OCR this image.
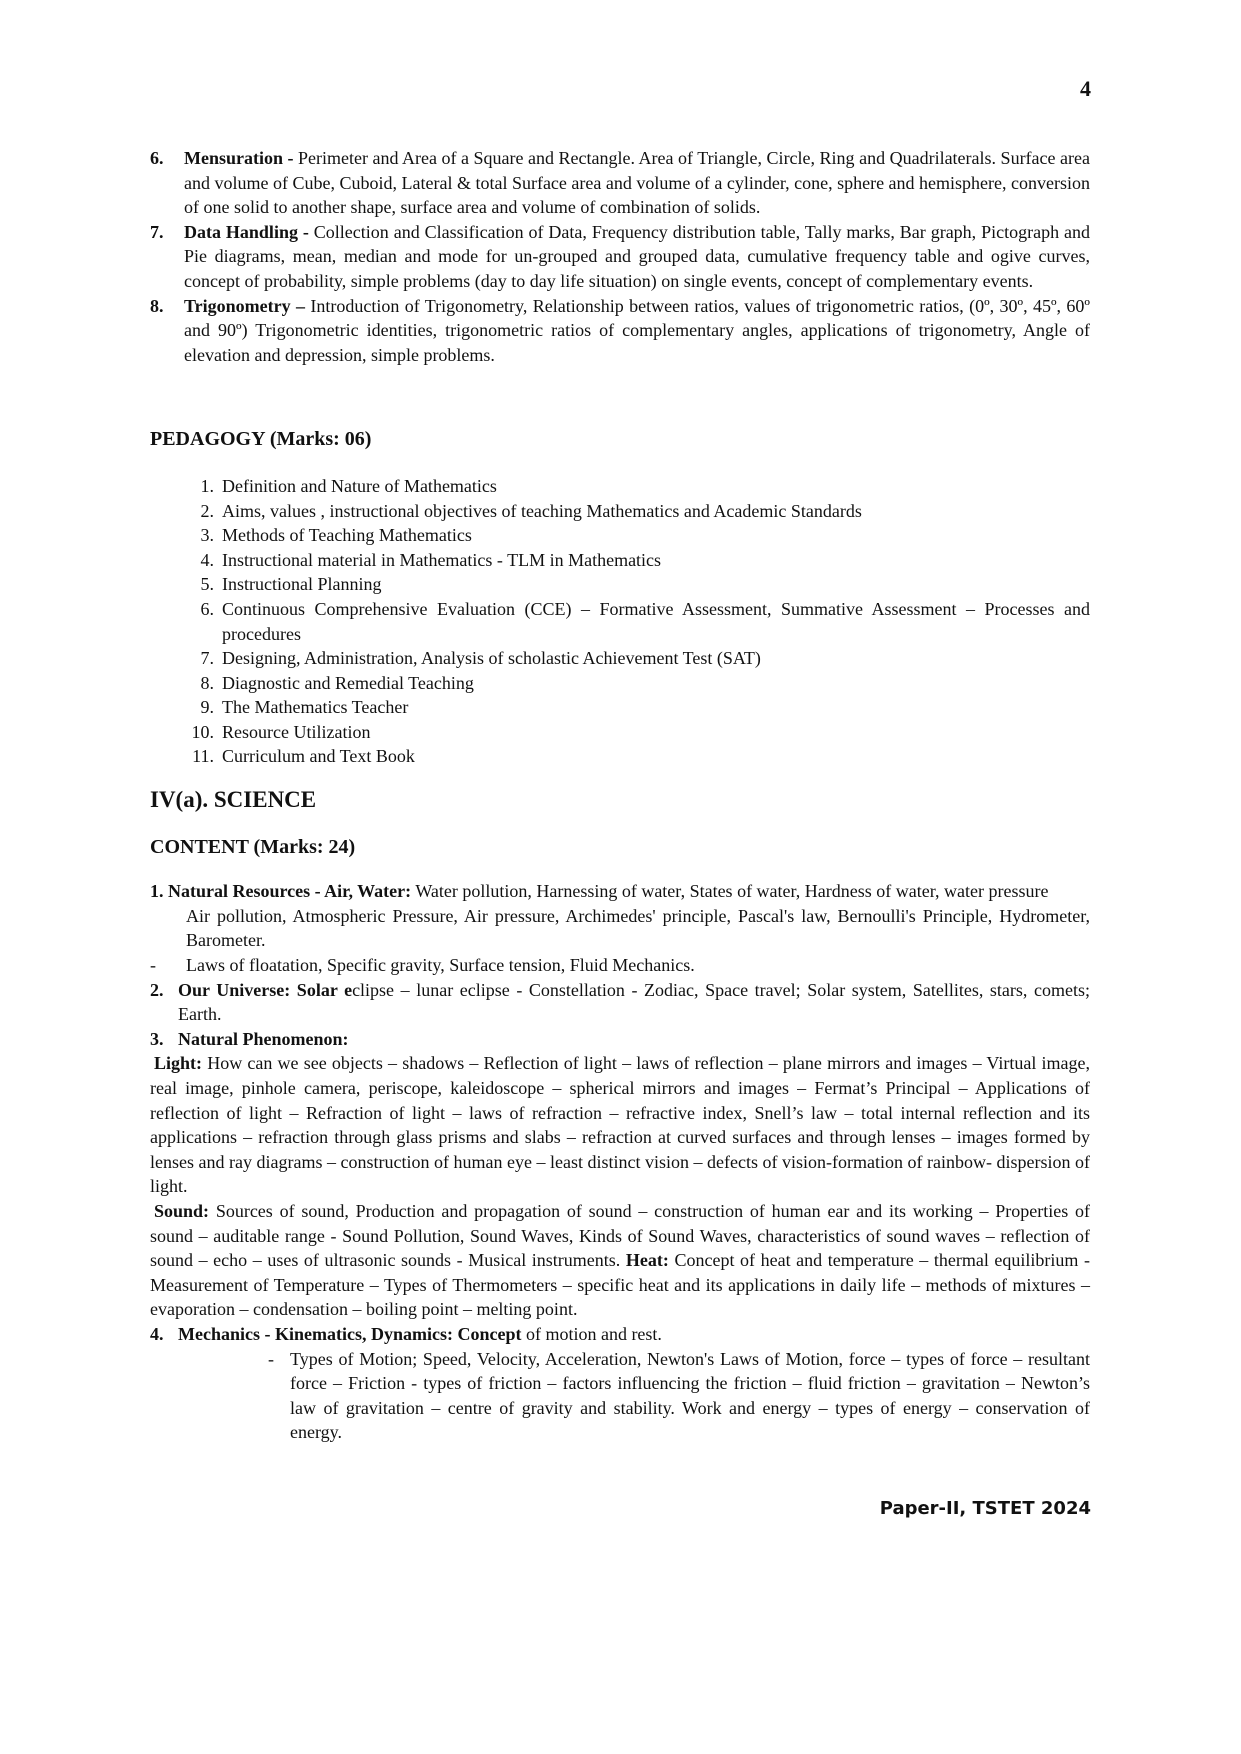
4
6. Mensuration - Perimeter and Area of a Square and Rectangle. Area of Triangle, Circle, Ring and Quadrilaterals. Surface area and volume of Cube, Cuboid, Lateral & total Surface area and volume of a cylinder, cone, sphere and hemisphere, conversion of one solid to another shape, surface area and volume of combination of solids.
7. Data Handling - Collection and Classification of Data, Frequency distribution table, Tally marks, Bar graph, Pictograph and Pie diagrams, mean, median and mode for un-grouped and grouped data, cumulative frequency table and ogive curves, concept of probability, simple problems (day to day life situation) on single events, concept of complementary events.
8. Trigonometry – Introduction of Trigonometry, Relationship between ratios, values of trigonometric ratios, (0º, 30º, 45º, 60º and 90º) Trigonometric identities, trigonometric ratios of complementary angles, applications of trigonometry, Angle of elevation and depression, simple problems.
PEDAGOGY (Marks: 06)
1. Definition and Nature of Mathematics
2. Aims, values , instructional objectives of teaching Mathematics and Academic Standards
3. Methods of Teaching Mathematics
4. Instructional material in Mathematics - TLM in Mathematics
5. Instructional Planning
6. Continuous Comprehensive Evaluation (CCE) – Formative Assessment, Summative Assessment – Processes and procedures
7. Designing, Administration, Analysis of scholastic Achievement Test (SAT)
8. Diagnostic and Remedial Teaching
9. The Mathematics Teacher
10. Resource Utilization
11. Curriculum and Text Book
IV(a). SCIENCE
CONTENT (Marks: 24)
1. Natural Resources - Air, Water: Water pollution, Harnessing of water, States of water, Hardness of water, water pressure
Air pollution, Atmospheric Pressure, Air pressure, Archimedes' principle, Pascal's law, Bernoulli's Principle, Hydrometer, Barometer.
- Laws of floatation, Specific gravity, Surface tension, Fluid Mechanics.
2. Our Universe: Solar eclipse – lunar eclipse - Constellation - Zodiac, Space travel; Solar system, Satellites, stars, comets; Earth.
3. Natural Phenomenon:
Light: How can we see objects – shadows – Reflection of light – laws of reflection – plane mirrors and images – Virtual image, real image, pinhole camera, periscope, kaleidoscope – spherical mirrors and images – Fermat’s Principal – Applications of reflection of light – Refraction of light – laws of refraction – refractive index, Snell’s law – total internal reflection and its applications – refraction through glass prisms and slabs – refraction at curved surfaces and through lenses – images formed by lenses and ray diagrams – construction of human eye – least distinct vision – defects of vision-formation of rainbow- dispersion of light.
Sound: Sources of sound, Production and propagation of sound – construction of human ear and its working – Properties of sound – auditable range - Sound Pollution, Sound Waves, Kinds of Sound Waves, characteristics of sound waves – reflection of sound – echo – uses of ultrasonic sounds - Musical instruments. Heat: Concept of heat and temperature – thermal equilibrium - Measurement of Temperature – Types of Thermometers – specific heat and its applications in daily life – methods of mixtures – evaporation – condensation – boiling point – melting point.
4. Mechanics - Kinematics, Dynamics: Concept of motion and rest.
- Types of Motion; Speed, Velocity, Acceleration, Newton's Laws of Motion, force – types of force – resultant force – Friction - types of friction – factors influencing the friction – fluid friction – gravitation – Newton’s law of gravitation – centre of gravity and stability. Work and energy – types of energy – conservation of energy.
Paper-II, TSTET 2024
